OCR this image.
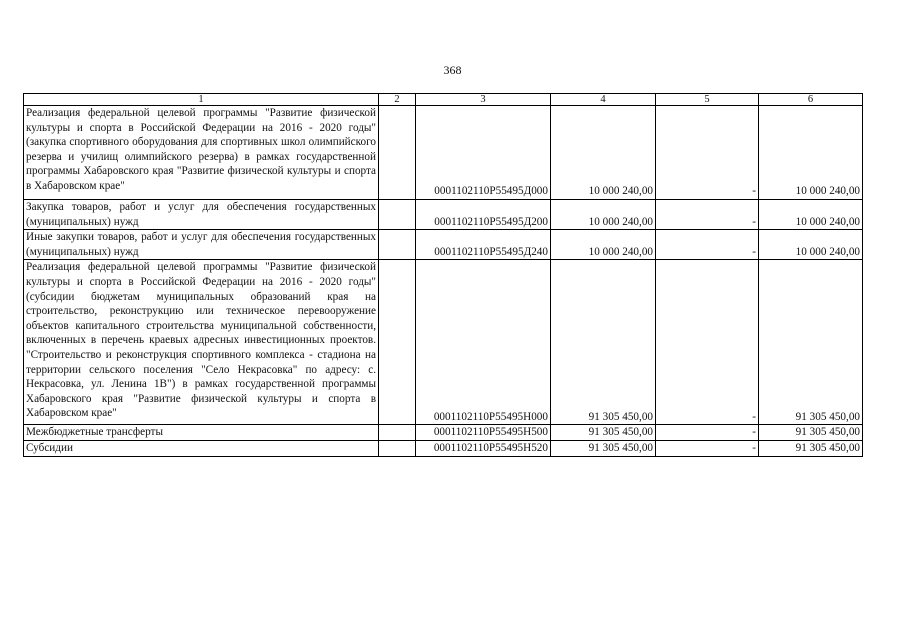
368
1	2	3	4	5	6
Реализация федеральной целевой программы "Развитие физической культуры и спорта в Российской Федерации на 2016 - 2020 годы" (закупка спортивного оборудования для спортивных школ олимпийского резерва и училищ олимпийского резерва) в рамках государственной программы Хабаровского края "Развитие физической культуры и спорта в Хабаровском крае"		0001102110P55495Д000	10 000 240,00	-	10 000 240,00
Закупка товаров, работ и услуг для обеспечения государственных (муниципальных) нужд		0001102110P55495Д200	10 000 240,00	-	10 000 240,00
Иные закупки товаров, работ и услуг для обеспечения государственных (муниципальных) нужд		0001102110P55495Д240	10 000 240,00	-	10 000 240,00
Реализация федеральной целевой программы "Развитие физической культуры и спорта в Российской Федерации на 2016 - 2020 годы" (субсидии бюджетам муниципальных образований края на строительство, реконструкцию или техническое перевооружение объектов капитального строительства муниципальной собственности, включенных в перечень краевых адресных инвестиционных проектов. "Строительство и реконструкция спортивного комплекса - стадиона на территории сельского поселения "Село Некрасовка" по адресу: с. Некрасовка, ул. Ленина 1В") в рамках государственной программы Хабаровского края "Развитие физической культуры и спорта в Хабаровском крае"		0001102110P55495Н000	91 305 450,00	-	91 305 450,00
Межбюджетные трансферты		0001102110P55495Н500	91 305 450,00	-	91 305 450,00
Субсидии		0001102110P55495Н520	91 305 450,00	-	91 305 450,00
